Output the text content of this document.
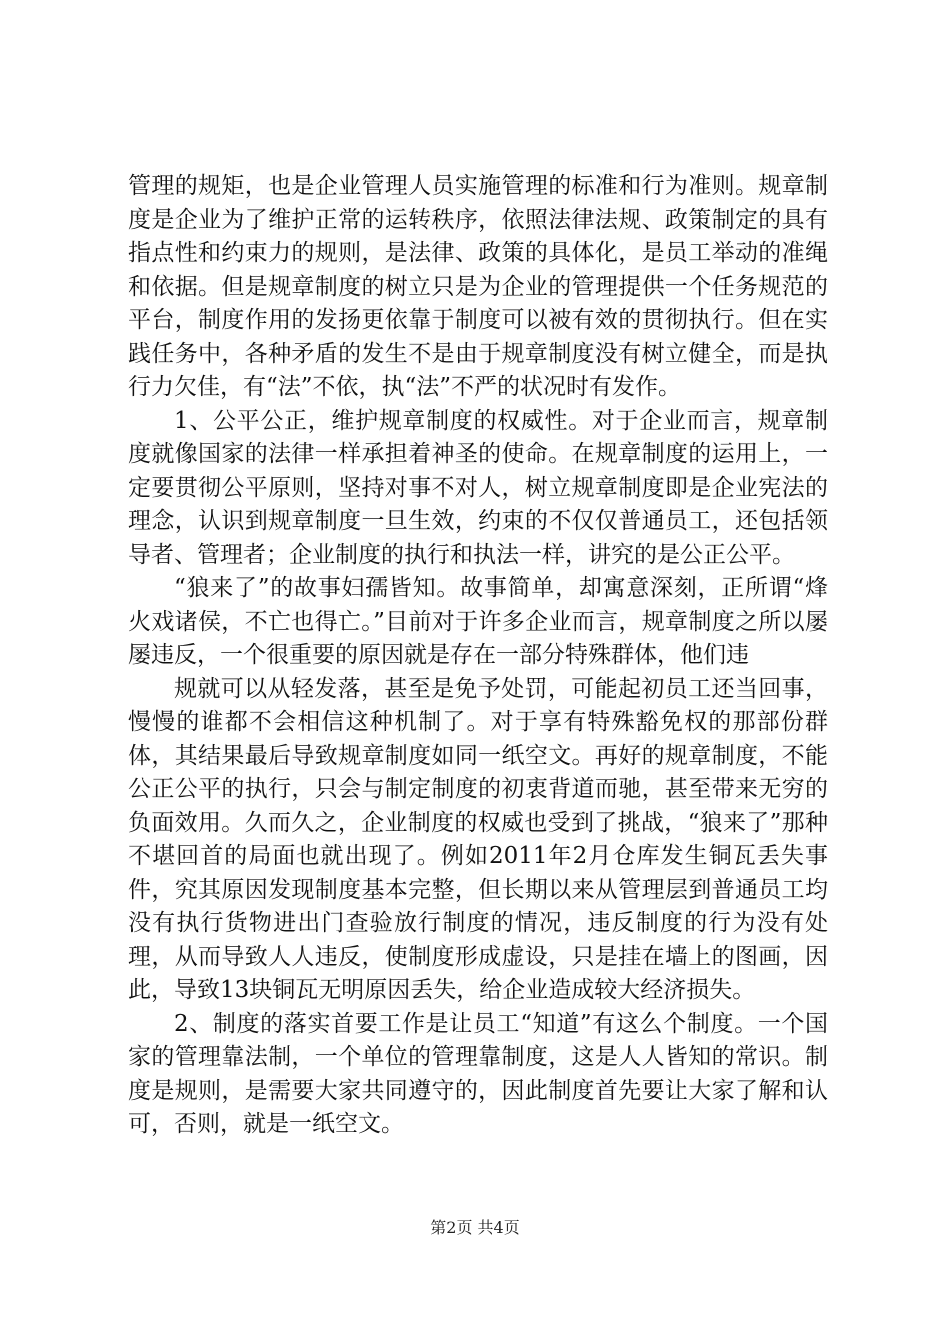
管理的规矩，也是企业管理人员实施管理的标准和行为准则。规章制度是企业为了维护正常的运转秩序，依照法律法规、政策制定的具有指点性和约束力的规则，是法律、政策的具体化，是员工举动的准绳和依据。但是规章制度的树立只是为企业的管理提供一个任务规范的平台，制度作用的发扬更依靠于制度可以被有效的贯彻执行。但在实践任务中，各种矛盾的发生不是由于规章制度没有树立健全，而是执行力欠佳，有“法”不依，执“法”不严的状况时有发作。

1、公平公正，维护规章制度的权威性。对于企业而言，规章制度就像国家的法律一样承担着神圣的使命。在规章制度的运用上，一定要贯彻公平原则，坚持对事不对人，树立规章制度即是企业宪法的理念，认识到规章制度一旦生效，约束的不仅仅普通员工，还包括领导者、管理者；企业制度的执行和执法一样，讲究的是公正公平。

“狼来了”的故事妇孺皆知。故事简单，却寓意深刻，正所谓“烽火戏诸侯，不亡也得亡。”目前对于许多企业而言，规章制度之所以屡屡违反，一个很重要的原因就是存在一部分特殊群体，他们违

规就可以从轻发落，甚至是免予处罚，可能起初员工还当回事，慢慢的谁都不会相信这种机制了。对于享有特殊豁免权的那部份群体，其结果最后导致规章制度如同一纸空文。再好的规章制度，不能公正公平的执行，只会与制定制度的初衷背道而驰，甚至带来无穷的负面效用。久而久之，企业制度的权威也受到了挑战，“狼来了”那种不堪回首的局面也就出现了。例如2011年2月仓库发生铜瓦丢失事件，究其原因发现制度基本完整，但长期以来从管理层到普通员工均没有执行货物进出门查验放行制度的情况，违反制度的行为没有处理，从而导致人人违反，使制度形成虚设，只是挂在墙上的图画，因此，导致13块铜瓦无明原因丢失，给企业造成较大经济损失。

2、制度的落实首要工作是让员工“知道”有这么个制度。一个国家的管理靠法制，一个单位的管理靠制度，这是人人皆知的常识。制度是规则，是需要大家共同遵守的，因此制度首先要让大家了解和认可，否则，就是一纸空文。

第2页 共4页
